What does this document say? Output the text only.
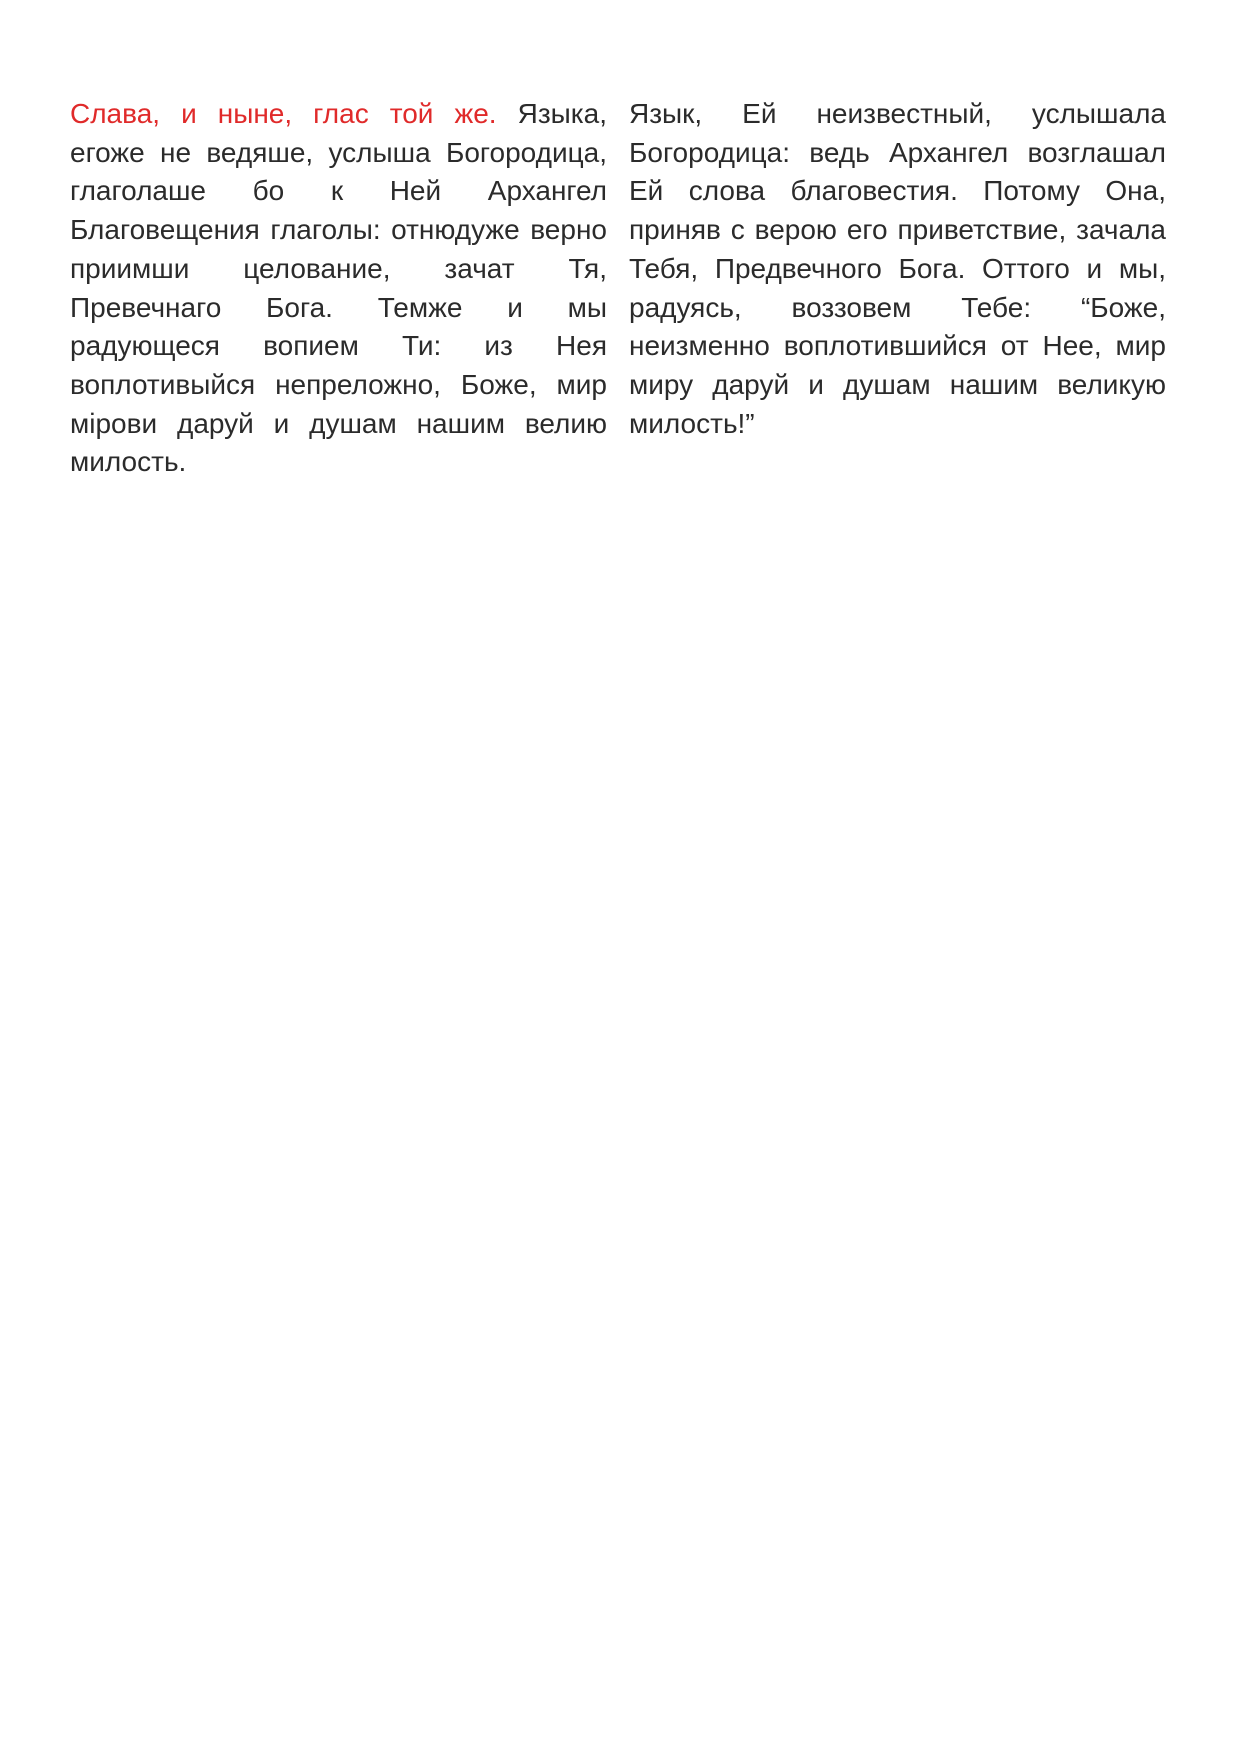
Слава, и ныне, глас той же. Языка, егоже не ведяше, услыша Богородица, глаголаше бо к Ней Архангел Благовещения глаголы: отнюдуже верно приимши целование, зачат Тя, Превечнаго Бога. Темже и мы радующеся вопием Ти: из Нея воплотивыйся непреложно, Боже, мир мірови даруй и душам нашим велию милость.
Язык, Ей неизвестный, услышала Богородица: ведь Архангел возглашал Ей слова благовестия. Потому Она, приняв с верою его приветствие, зачала Тебя, Предвечного Бога. Оттого и мы, радуясь, воззовем Тебе: “Боже, неизменно воплотившийся от Нее, мир миру даруй и душам нашим великую милость!”
